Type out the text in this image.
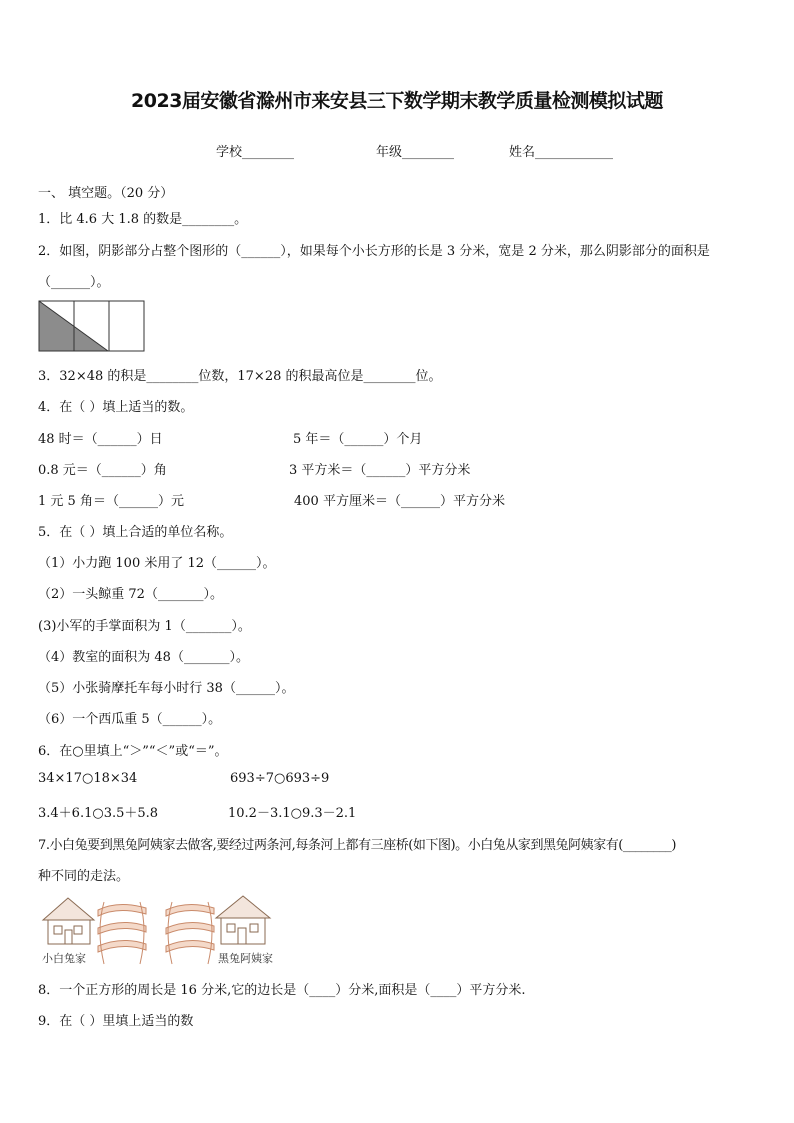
2023届安徽省滁州市来安县三下数学期末教学质量检测模拟试题
学校________	年级________	姓名____________
一、 填空题。（20 分）
1．比 4.6 大 1.8 的数是________。
2．如图，阴影部分占整个图形的（______），如果每个小长方形的长是 3 分米，宽是 2 分米，那么阴影部分的面积是
（______）。
3．32×48 的积是________位数，17×28 的积最高位是________位。
4．在（ ）填上适当的数。
48 时＝（______）日	5 年＝（______）个月
0.8 元＝（______）角	3 平方米＝（______）平方分米
1 元 5 角＝（______）元	400 平方厘米＝（______）平方分米
5．在（ ）填上合适的单位名称。
（1）小力跑 100 米用了 12（______）。
（2）一头鲸重 72（_______）。
(3)小军的手掌面积为 1（_______）。
（4）教室的面积为 48（_______）。
（5）小张骑摩托车每小时行 38（______）。
（6）一个西瓜重 5（______）。
6．在○里填上“＞”“＜”或“＝”。
34×17○18×34	693÷7○693÷9
3.4＋6.1○3.5＋5.8	10.2－3.1○9.3－2.1
7.小白兔要到黑兔阿姨家去做客,要经过两条河,每条河上都有三座桥(如下图)。小白兔从家到黑兔阿姨家有(________)
种不同的走法。
小白兔家	黑兔阿姨家
8．一个正方形的周长是 16 分米,它的边长是（____）分米,面积是（____）平方分米.
9．在（ ）里填上适当的数
